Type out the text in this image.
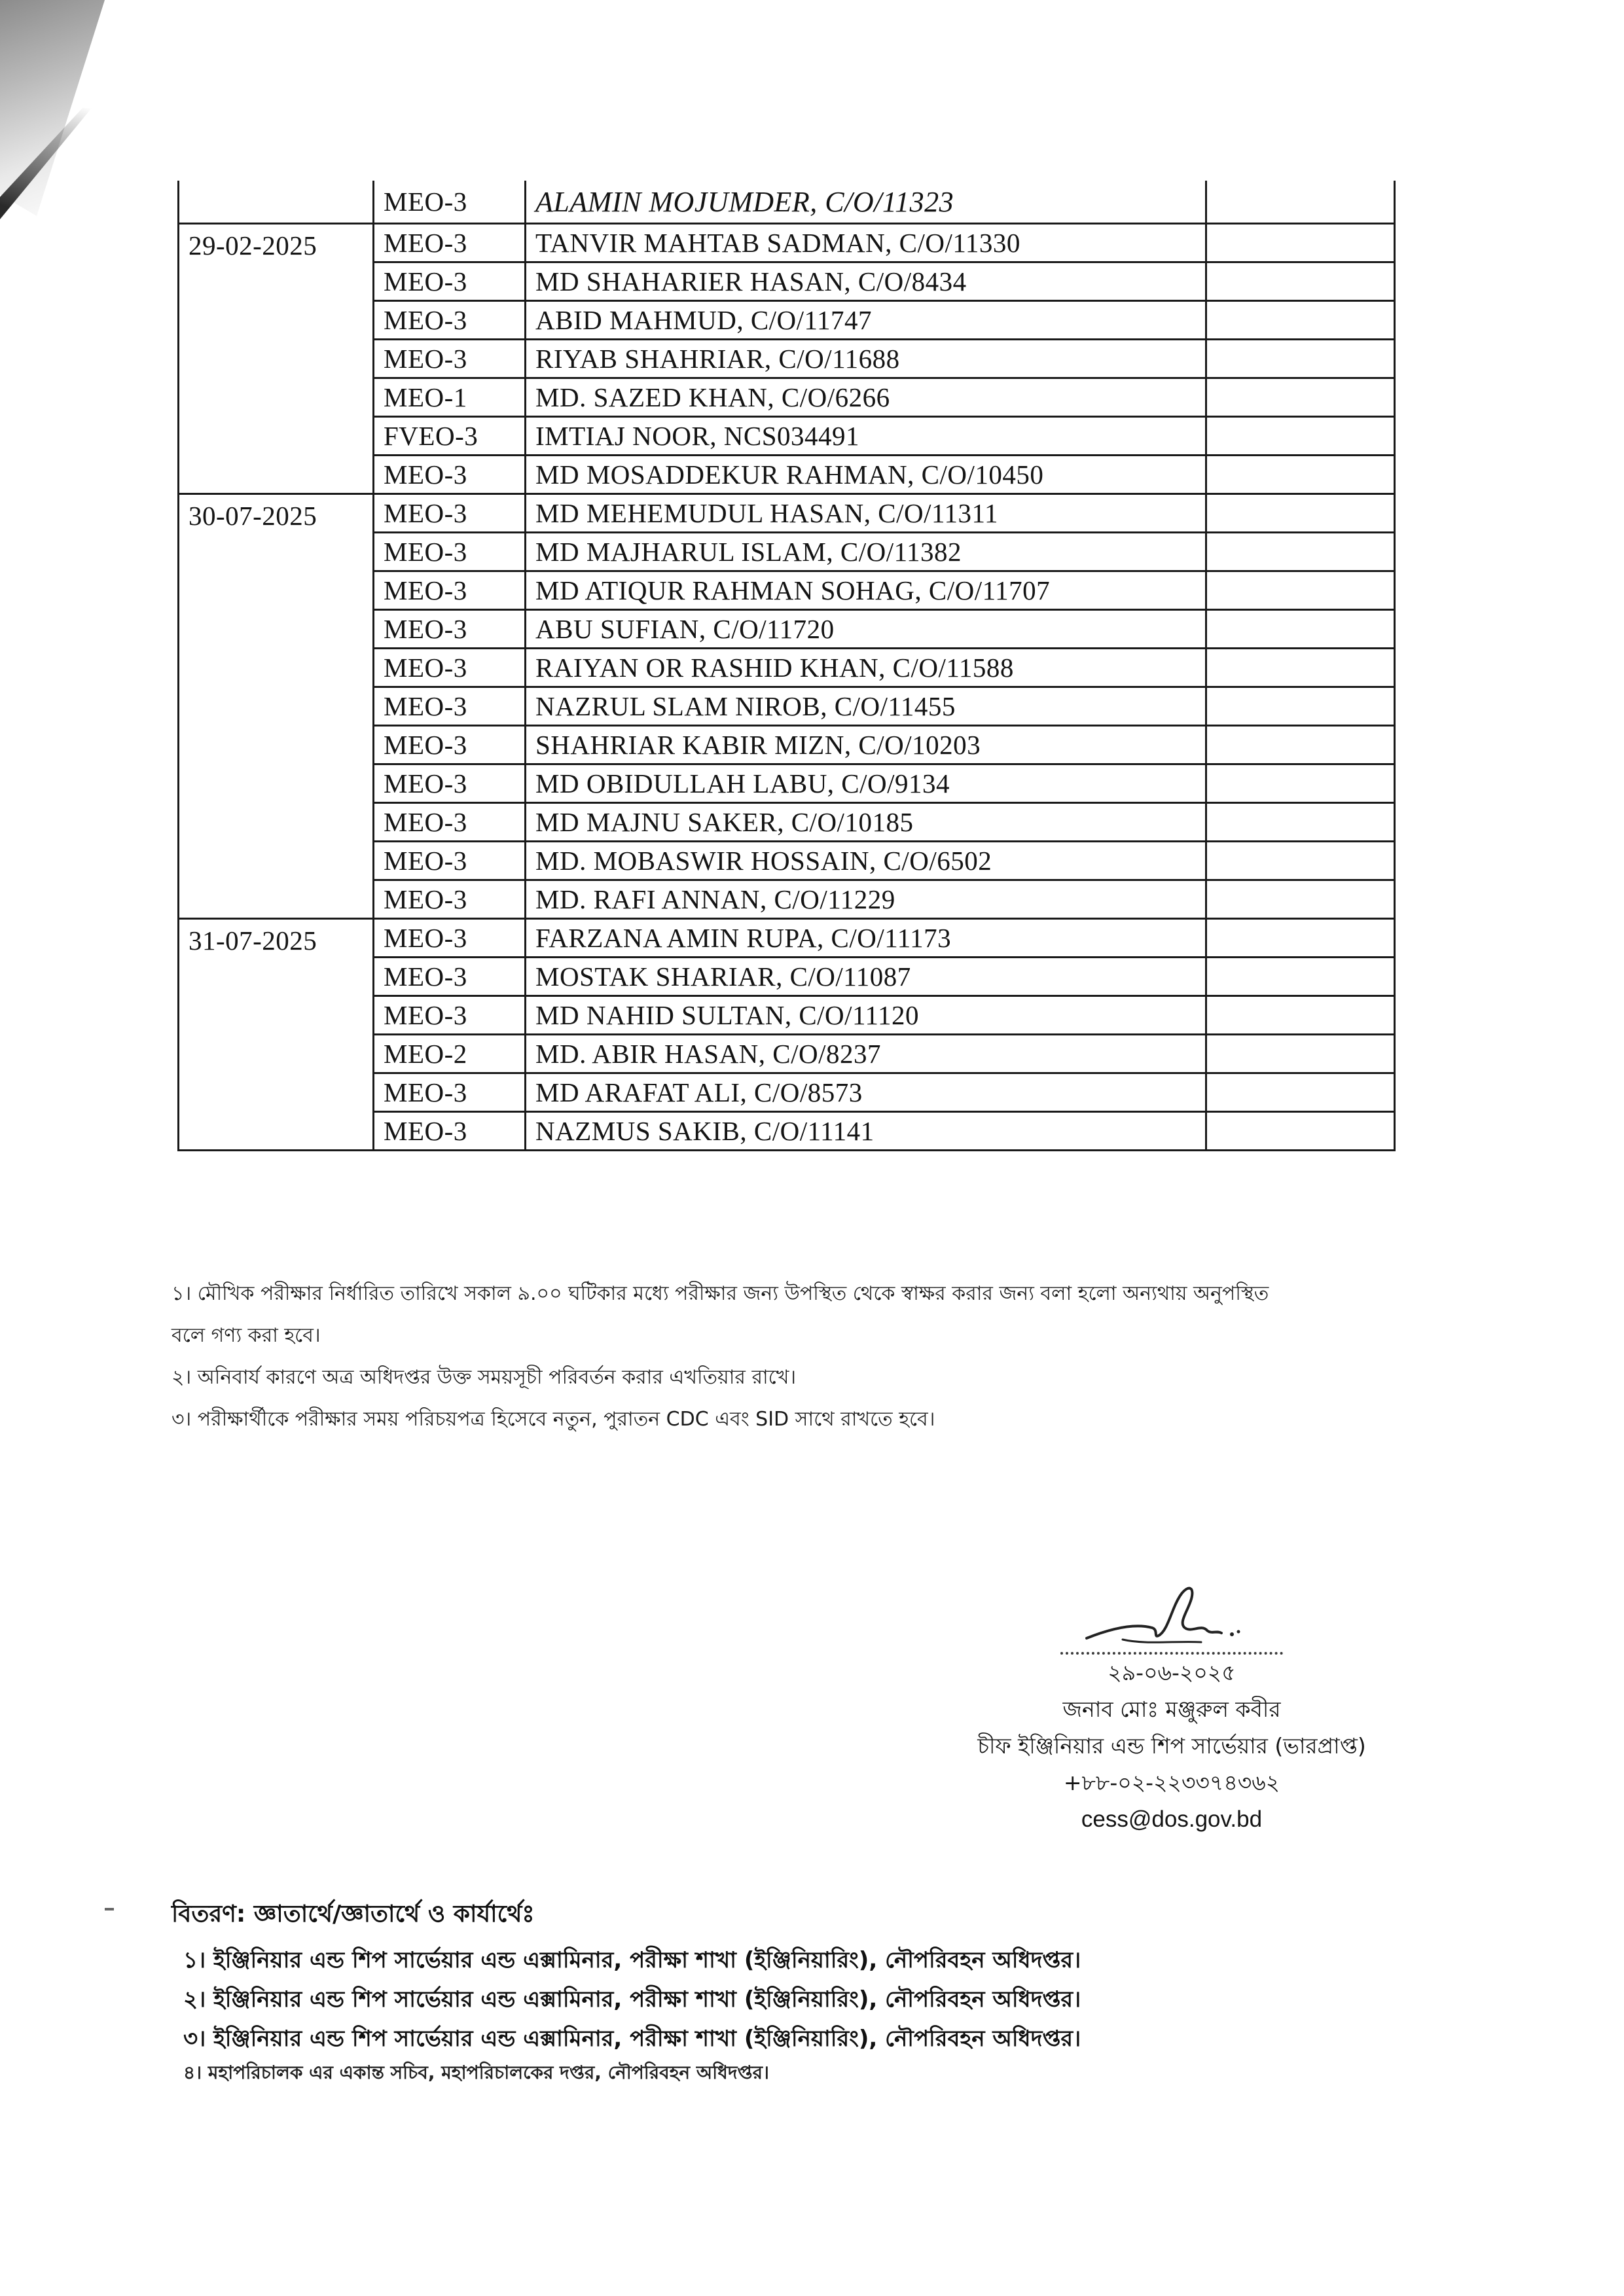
	MEO-3	ALAMIN MOJUMDER, C/O/11323	
29-02-2025	MEO-3	TANVIR MAHTAB SADMAN, C/O/11330	
	MEO-3	MD SHAHARIER HASAN, C/O/8434	
	MEO-3	ABID MAHMUD, C/O/11747	
	MEO-3	RIYAB SHAHRIAR, C/O/11688	
	MEO-1	MD. SAZED KHAN, C/O/6266	
	FVEO-3	IMTIAJ NOOR, NCS034491	
	MEO-3	MD MOSADDEKUR RAHMAN, C/O/10450	
30-07-2025	MEO-3	MD MEHEMUDUL HASAN, C/O/11311	
	MEO-3	MD MAJHARUL ISLAM, C/O/11382	
	MEO-3	MD ATIQUR RAHMAN SOHAG, C/O/11707	
	MEO-3	ABU SUFIAN, C/O/11720	
	MEO-3	RAIYAN OR RASHID KHAN, C/O/11588	
	MEO-3	NAZRUL SLAM NIROB, C/O/11455	
	MEO-3	SHAHRIAR KABIR MIZN, C/O/10203	
	MEO-3	MD OBIDULLAH LABU, C/O/9134	
	MEO-3	MD MAJNU SAKER, C/O/10185	
	MEO-3	MD. MOBASWIR HOSSAIN, C/O/6502	
	MEO-3	MD. RAFI ANNAN, C/O/11229	
31-07-2025	MEO-3	FARZANA AMIN RUPA, C/O/11173	
	MEO-3	MOSTAK SHARIAR, C/O/11087	
	MEO-3	MD NAHID SULTAN, C/O/11120	
	MEO-2	MD. ABIR HASAN, C/O/8237	
	MEO-3	MD ARAFAT ALI, C/O/8573	
	MEO-3	NAZMUS SAKIB, C/O/11141	

১। মৌখিক পরীক্ষার নির্ধারিত তারিখে সকাল ৯.০০ ঘটিকার মধ্যে পরীক্ষার জন্য উপস্থিত থেকে স্বাক্ষর করার জন্য বলা হলো অন্যথায় অনুপস্থিত

বলে গণ্য করা হবে।

২। অনিবার্য কারণে অত্র অধিদপ্তর উক্ত সময়সূচী পরিবর্তন করার এখতিয়ার রাখে।

৩। পরীক্ষার্থীকে পরীক্ষার সময় পরিচয়পত্র হিসেবে নতুন, পুরাতন CDC এবং SID সাথে রাখতে হবে।

২৯-০৬-২০২৫

জনাব মোঃ মঞ্জুরুল কবীর

চীফ ইঞ্জিনিয়ার এন্ড শিপ সার্ভেয়ার (ভারপ্রাপ্ত)

+৮৮-০২-২২৩৩৭৪৩৬২

cess@dos.gov.bd

বিতরণ: জ্ঞাতার্থে/জ্ঞাতার্থে ও কার্যার্থেঃ

১। ইঞ্জিনিয়ার এন্ড শিপ সার্ভেয়ার এন্ড এক্সামিনার, পরীক্ষা শাখা (ইঞ্জিনিয়ারিং), নৌপরিবহন অধিদপ্তর।

২। ইঞ্জিনিয়ার এন্ড শিপ সার্ভেয়ার এন্ড এক্সামিনার, পরীক্ষা শাখা (ইঞ্জিনিয়ারিং), নৌপরিবহন অধিদপ্তর।

৩। ইঞ্জিনিয়ার এন্ড শিপ সার্ভেয়ার এন্ড এক্সামিনার, পরীক্ষা শাখা (ইঞ্জিনিয়ারিং), নৌপরিবহন অধিদপ্তর।

৪। মহাপরিচালক এর একান্ত সচিব, মহাপরিচালকের দপ্তর, নৌপরিবহন অধিদপ্তর।
